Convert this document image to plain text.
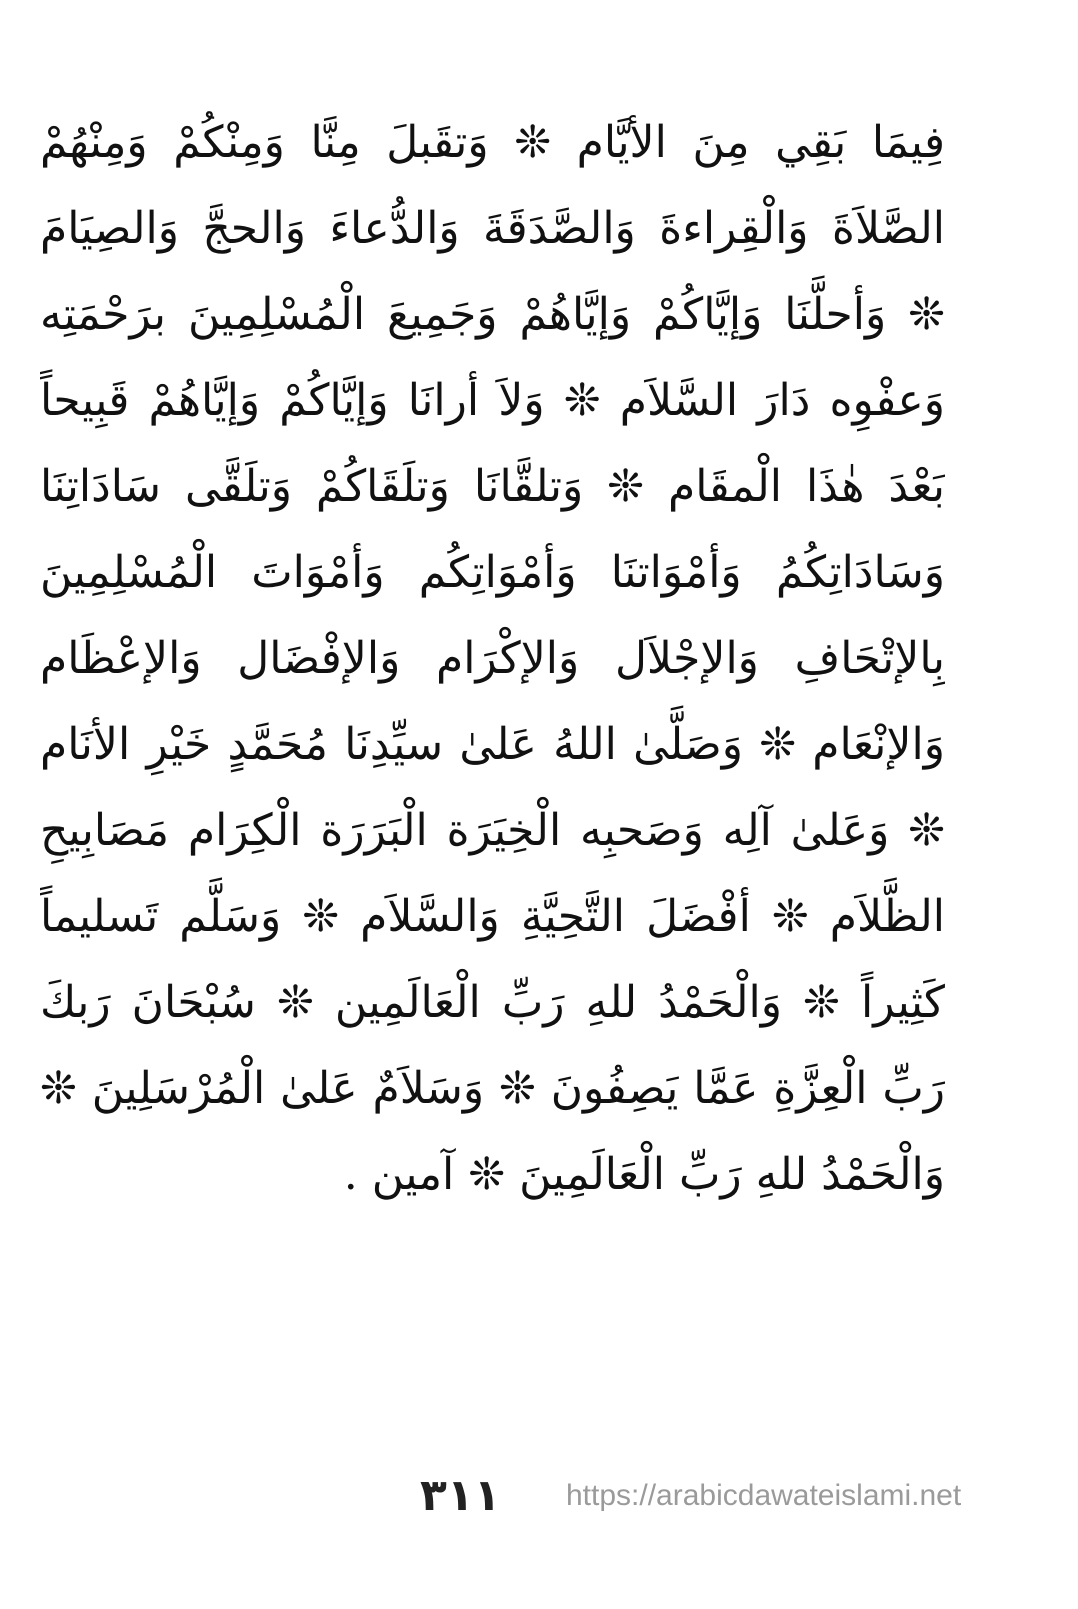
فِيمَا بَقِي مِنَ الأيَّام ❊ وَتقَبلَ مِنَّا وَمِنْكُمْ وَمِنْهُمْ
الصَّلاَةَ وَالْقِراءةَ وَالصَّدَقَةَ وَالدُّعاءَ وَالحجَّ وَالصِيَامَ
❊ وَأحلَّنَا وَإيَّاكُمْ وَإيَّاهُمْ وَجَمِيعَ الْمُسْلِمِينَ برَحْمَتِه
وَعفْوِه دَارَ السَّلاَم ❊ وَلاَ أرانَا وَإيَّاكُمْ وَإيَّاهُمْ قَبِيحاً
بَعْدَ هٰذَا الْمقَام ❊ وَتلقَّانَا وَتلَقَاكُمْ وَتلَقَّى سَادَاتِنَا
وَسَادَاتِكُمُ وَأمْوَاتنَا وَأمْوَاتِكُم وَأمْوَاتَ الْمُسْلِمِينَ
بِالإتْحَافِ وَالإجْلاَل وَالإكْرَام وَالإفْضَال وَالإعْظَام
وَالإنْعَام ❊ وَصَلَّىٰ اللهُ عَلىٰ سيِّدِنَا مُحَمَّدٍ خَيْرِ الأنَام
❊ وَعَلىٰ آلِه وَصَحبِه الْخِيَرَة الْبَرَرَة الْكِرَام مَصَابِيحِ
الظَّلاَم ❊ أفْضَلَ التَّحِيَّةِ وَالسَّلاَم ❊ وَسَلَّم تَسليماً
كَثِيراً ❊ وَالْحَمْدُ للهِ رَبِّ الْعَالَمِين ❊ سُبْحَانَ رَبكَ
رَبِّ الْعِزَّةِ عَمَّا يَصِفُونَ ❊ وَسَلاَمٌ عَلىٰ الْمُرْسَلِينَ ❊
وَالْحَمْدُ للهِ رَبِّ الْعَالَمِينَ ❊ آمين .
٣١١ https://arabicdawateislami.net
